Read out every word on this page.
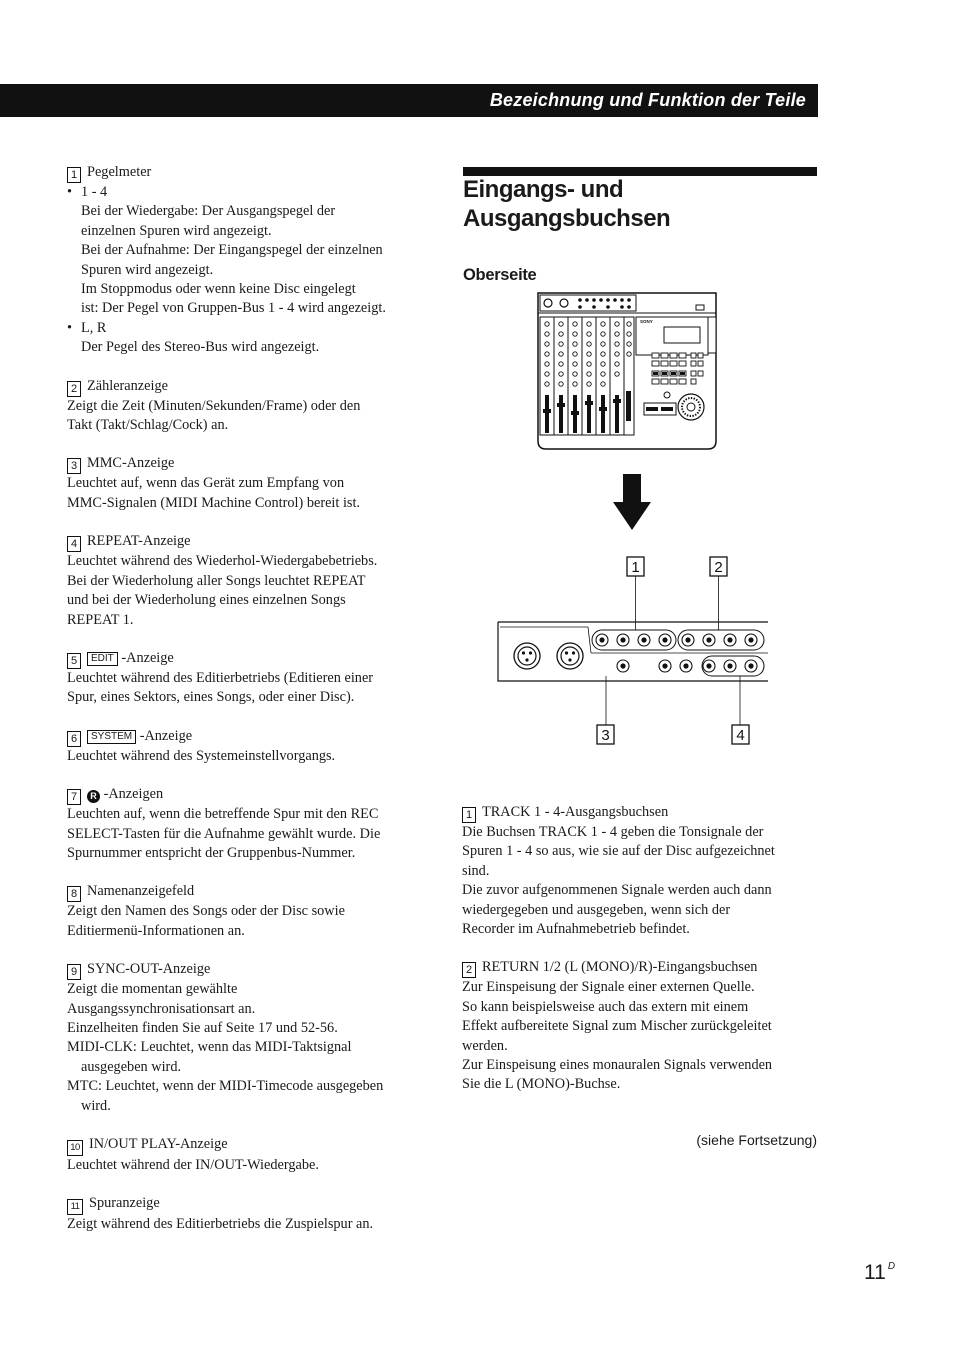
Bezeichnung und Funktion der Teile
1 Pegelmeter
• 1 - 4
Bei der Wiedergabe: Der Ausgangspegel der
einzelnen Spuren wird angezeigt.
Bei der Aufnahme: Der Eingangspegel der einzelnen
Spuren wird angezeigt.
Im Stoppmodus oder wenn keine Disc eingelegt
ist: Der Pegel von Gruppen-Bus 1 - 4 wird angezeigt.
• L, R
Der Pegel des Stereo-Bus wird angezeigt.
2 Zähleranzeige
Zeigt die Zeit (Minuten/Sekunden/Frame) oder den
Takt (Takt/Schlag/Cock) an.
3 MMC-Anzeige
Leuchtet auf, wenn das Gerät zum Empfang von
MMC-Signalen (MIDI Machine Control) bereit ist.
4 REPEAT-Anzeige
Leuchtet während des Wiederhol-Wiedergabebetriebs.
Bei der Wiederholung aller Songs leuchtet REPEAT
und bei der Wiederholung eines einzelnen Songs
REPEAT 1.
5 EDIT -Anzeige
Leuchtet während des Editierbetriebs (Editieren einer
Spur, eines Sektors, eines Songs, oder einer Disc).
6 SYSTEM -Anzeige
Leuchtet während des Systemeinstellvorgangs.
7 R -Anzeigen
Leuchten auf, wenn die betreffende Spur mit den REC
SELECT-Tasten für die Aufnahme gewählt wurde. Die
Spurnummer entspricht der Gruppenbus-Nummer.
8 Namenanzeigefeld
Zeigt den Namen des Songs oder der Disc sowie
Editiermenü-Informationen an.
9 SYNC-OUT-Anzeige
Zeigt die momentan gewählte
Ausgangssynchronisationsart an.
Einzelheiten finden Sie auf Seite 17 und 52-56.
MIDI-CLK: Leuchtet, wenn das MIDI-Taktsignal
ausgegeben wird.
MTC: Leuchtet, wenn der MIDI-Timecode ausgegeben
wird.
10 IN/OUT PLAY-Anzeige
Leuchtet während der IN/OUT-Wiedergabe.
11 Spuranzeige
Zeigt während des Editierbetriebs die Zuspielspur an.
Eingangs- und
Ausgangsbuchsen
Oberseite
SONY
1	2
3	4
1 TRACK 1 - 4-Ausgangsbuchsen
Die Buchsen TRACK 1 - 4 geben die Tonsignale der
Spuren 1 - 4 so aus, wie sie auf der Disc aufgezeichnet
sind.
Die zuvor aufgenommenen Signale werden auch dann
wiedergegeben und ausgegeben, wenn sich der
Recorder im Aufnahmebetrieb befindet.
2 RETURN 1/2 (L (MONO)/R)-Eingangsbuchsen
Zur Einspeisung der Signale einer externen Quelle.
So kann beispielsweise auch das extern mit einem
Effekt aufbereitete Signal zum Mischer zurückgeleitet
werden.
Zur Einspeisung eines monauralen Signals verwenden
Sie die L (MONO)-Buchse.
(siehe Fortsetzung)
11 $^D$
